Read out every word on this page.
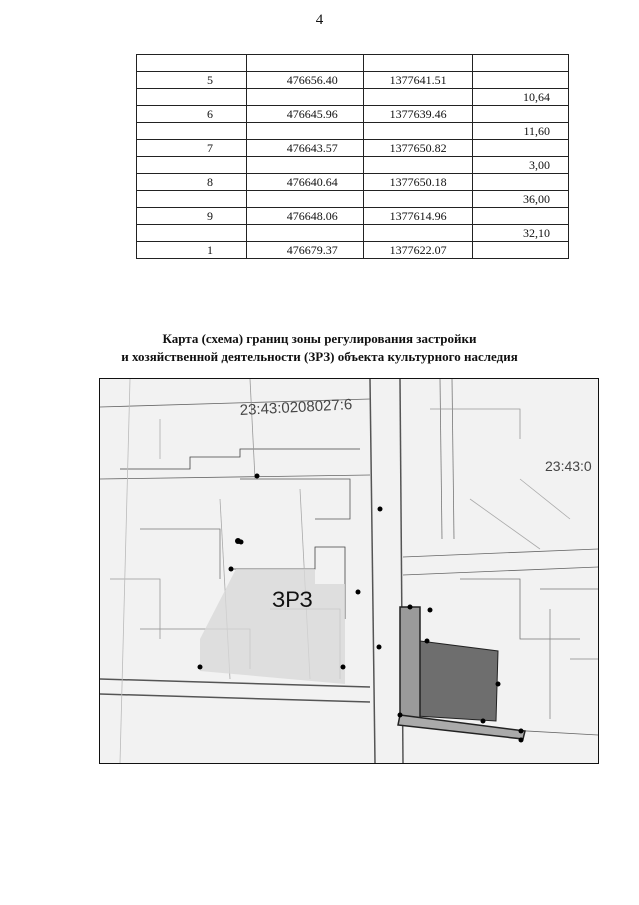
4

5	476656.40	1377641.51	
			10,64
6	476645.96	1377639.46	
			11,60
7	476643.57	1377650.82	
			3,00
8	476640.64	1377650.18	
			36,00
9	476648.06	1377614.96	
			32,10
1	476679.37	1377622.07	
Карта (схема) границ зоны регулирования застройки
и хозяйственной деятельности (ЗРЗ) объекта культурного наследия
23:43:0208027:6
23:43:0
ЗРЗ
